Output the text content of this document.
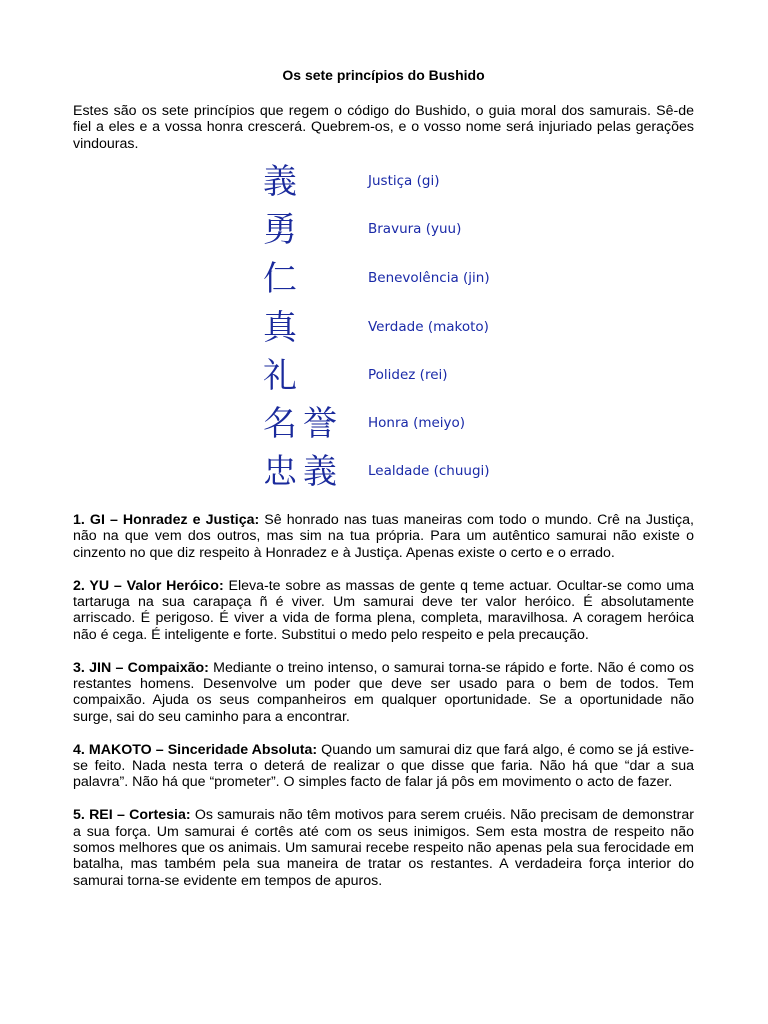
Os sete princípios do Bushido
Estes são os sete princípios que regem o código do Bushido, o guia moral dos samurais. Sê-de fiel a eles e a vossa honra crescerá. Quebrem-os, e o vosso nome será injuriado pelas gerações vindouras.
義	Justiça (gi)
勇	Bravura (yuu)
仁	Benevolência (jin)
真	Verdade (makoto)
礼	Polidez (rei)
名誉	Honra (meiyo)
忠義	Lealdade (chuugi)

1. GI – Honradez e Justiça: Sê honrado nas tuas maneiras com todo o mundo. Crê na Justiça, não na que vem dos outros, mas sim na tua própria. Para um autêntico samurai não existe o cinzento no que diz respeito à Honradez e à Justiça. Apenas existe o certo e o errado.

2. YU – Valor Heróico: Eleva-te sobre as massas de gente q teme actuar. Ocultar-se como uma tartaruga na sua carapaça ñ é viver. Um samurai deve ter valor heróico. É absolutamente arriscado. É perigoso. É viver a vida de forma plena, completa, maravilhosa. A coragem heróica não é cega. É inteligente e forte. Substitui o medo pelo respeito e pela precaução.

3. JIN – Compaixão: Mediante o treino intenso, o samurai torna-se rápido e forte. Não é como os restantes homens. Desenvolve um poder que deve ser usado para o bem de todos. Tem compaixão. Ajuda os seus companheiros em qualquer oportunidade. Se a oportunidade não surge, sai do seu caminho para a encontrar.

4. MAKOTO – Sinceridade Absoluta: Quando um samurai diz que fará algo, é como se já estive-se feito. Nada nesta terra o deterá de realizar o que disse que faria. Não há que “dar a sua palavra”. Não há que “prometer”. O simples facto de falar já pôs em movimento o acto de fazer.

5. REI – Cortesia: Os samurais não têm motivos para serem cruéis. Não precisam de demonstrar a sua força. Um samurai é cortês até com os seus inimigos. Sem esta mostra de respeito não somos melhores que os animais. Um samurai recebe respeito não apenas pela sua ferocidade em batalha, mas também pela sua maneira de tratar os restantes. A verdadeira força interior do samurai torna-se evidente em tempos de apuros.
